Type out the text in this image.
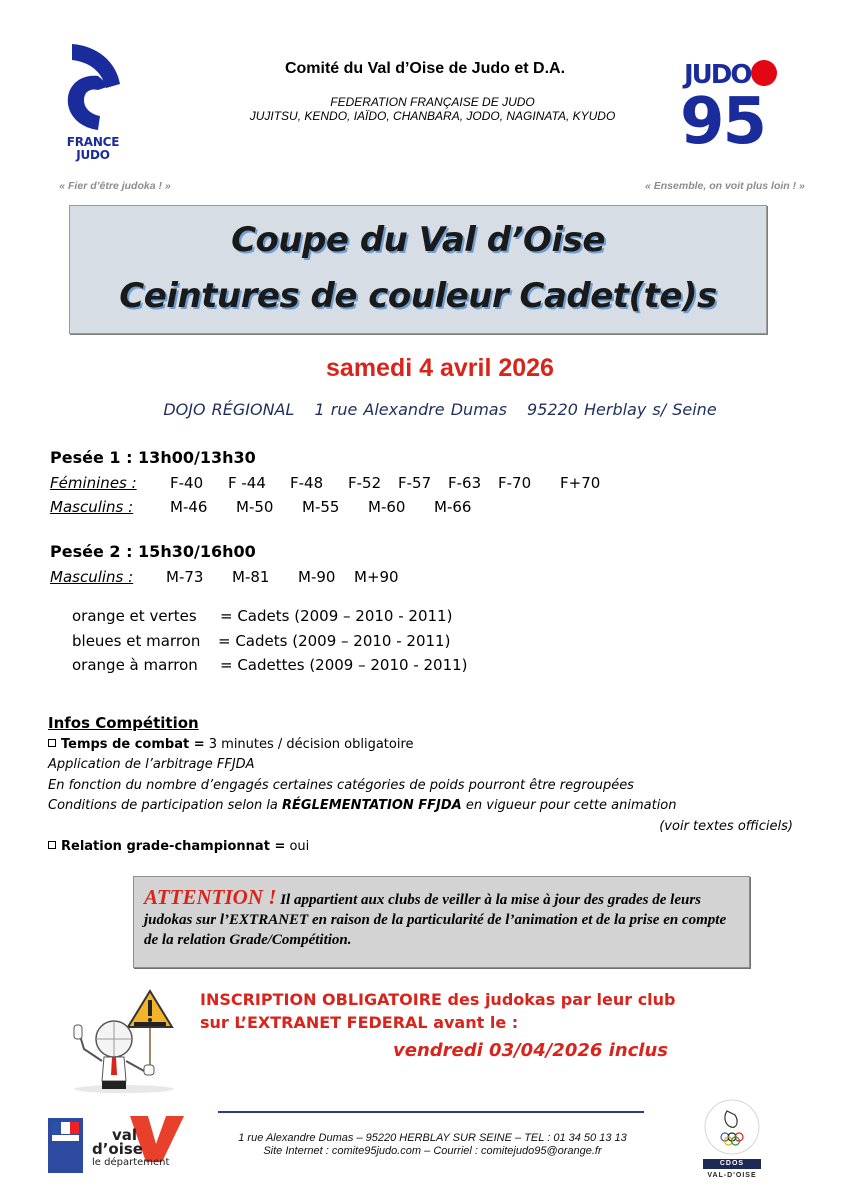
FRANCE
JUDO
« Fier d’être judoka ! »
Comité du Val d’Oise de Judo et D.A.
FEDERATION FRANÇAISE DE JUDO
JUJITSU, KENDO, IAÏDO, CHANBARA, JODO, NAGINATA, KYUDO
JUDO
95
« Ensemble, on voit plus loin ! »
Coupe du Val d’Oise
Ceintures de couleur Cadet(te)s
samedi 4 avril 2026
DOJO RÉGIONAL 1 rue Alexandre Dumas 95220 Herblay s/ Seine
Pesée 1 : 13h00/13h30
Féminines :	F-40	F -44	F-48	F-52	F-57	F-63	F-70	F+70
Masculins :	M-46	M-50	M-55	M-60	M-66
Pesée 2 : 15h30/16h00
Masculins :	M-73	M-81	M-90	M+90
orange et vertes	= Cadets (2009 – 2010 - 2011)
bleues et marron	= Cadets (2009 – 2010 - 2011)
orange à marron	= Cadettes (2009 – 2010 - 2011)
Infos Compétition
Temps de combat = 3 minutes / décision obligatoire
Application de l’arbitrage FFJDA
En fonction du nombre d’engagés certaines catégories de poids pourront être regroupées
Conditions de participation selon la RÉGLEMENTATION FFJDA en vigueur pour cette animation
(voir textes officiels)
Relation grade-championnat = oui
ATTENTION ! Il appartient aux clubs de veiller à la mise à jour des grades de leurs judokas sur l’EXTRANET en raison de la particularité de l’animation et de la prise en compte de la relation Grade/Compétition.
INSCRIPTION OBLIGATOIRE des judokas par leur club
sur L’EXTRANET FEDERAL avant le :
vendredi 03/04/2026 inclus
val
d’oise
le département
1 rue Alexandre Dumas – 95220 HERBLAY SUR SEINE – TEL : 01 34 50 13 13
Site Internet : comite95judo.com – Courriel : comitejudo95@orange.fr
CDOS
VAL-D'OISE
